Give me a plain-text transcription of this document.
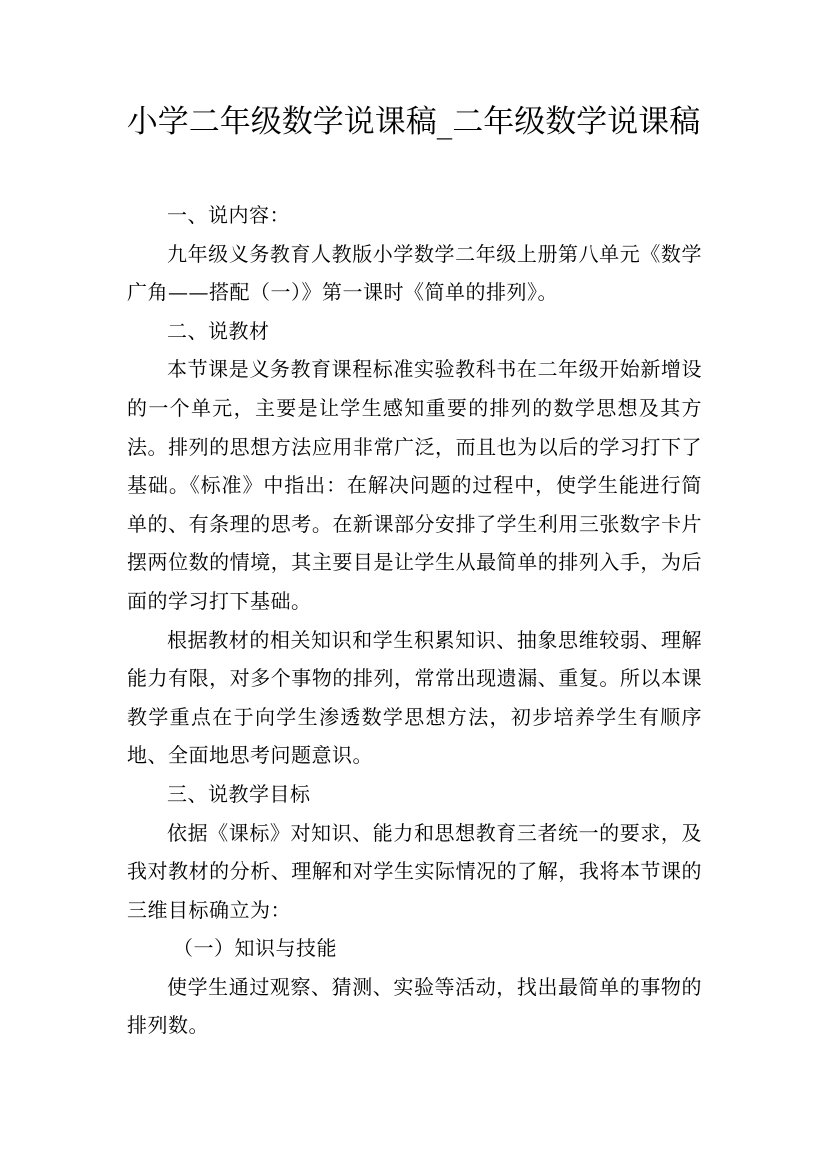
小学二年级数学说课稿_二年级数学说课稿

一、说内容：

九年级义务教育人教版小学数学二年级上册第八单元《数学广角——搭配（一）》第一课时《简单的排列》。

二、说教材

本节课是义务教育课程标准实验教科书在二年级开始新增设的一个单元，主要是让学生感知重要的排列的数学思想及其方法。排列的思想方法应用非常广泛，而且也为以后的学习打下了基础。《标准》中指出：在解决问题的过程中，使学生能进行简单的、有条理的思考。在新课部分安排了学生利用三张数字卡片摆两位数的情境，其主要目是让学生从最简单的排列入手，为后面的学习打下基础。

根据教材的相关知识和学生积累知识、抽象思维较弱、理解能力有限，对多个事物的排列，常常出现遗漏、重复。所以本课教学重点在于向学生渗透数学思想方法，初步培养学生有顺序地、全面地思考问题意识。

三、说教学目标

依据《课标》对知识、能力和思想教育三者统一的要求，及我对教材的分析、理解和对学生实际情况的了解，我将本节课的三维目标确立为：

（一）知识与技能

使学生通过观察、猜测、实验等活动，找出最简单的事物的排列数。
